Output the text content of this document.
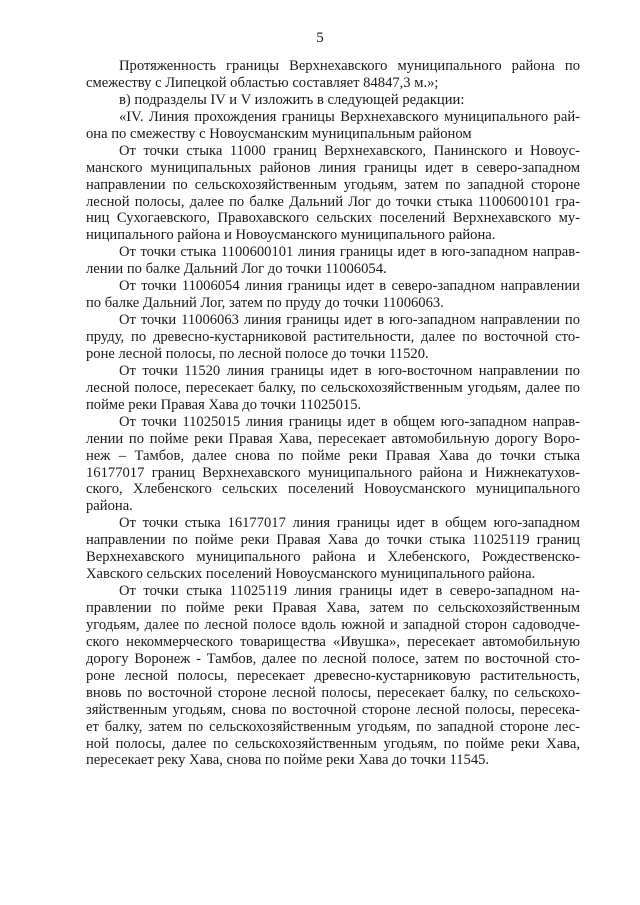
5
Протяженность границы Верхнехавского муниципального района по
смежеству с Липецкой областью составляет 84847,3 м.»;
в) подразделы IV и V изложить в следующей редакции:
«IV. Линия прохождения границы Верхнехавского муниципального рай-
она по смежеству с Новоусманским муниципальным районом
От точки стыка 11000 границ Верхнехавского, Панинского и Новоус-
манского муниципальных районов линия границы идет в северо-западном
направлении по сельскохозяйственным угодьям, затем по западной стороне
лесной полосы, далее по балке Дальний Лог до точки стыка 1100600101 гра-
ниц Сухогаевского, Правохавского сельских поселений Верхнехавского му-
ниципального района и Новоусманского муниципального района.
От точки стыка 1100600101 линия границы идет в юго-западном направ-
лении по балке Дальний Лог до точки 11006054.
От точки 11006054 линия границы идет в северо-западном направлении
по балке Дальний Лог, затем по пруду до точки 11006063.
От точки 11006063 линия границы идет в юго-западном направлении по
пруду, по древесно-кустарниковой растительности, далее по восточной сто-
роне лесной полосы, по лесной полосе до точки 11520.
От точки 11520 линия границы идет в юго-восточном направлении по
лесной полосе, пересекает балку, по сельскохозяйственным угодьям, далее по
пойме реки Правая Хава до точки 11025015.
От точки 11025015 линия границы идет в общем юго-западном направ-
лении по пойме реки Правая Хава, пересекает автомобильную дорогу Воро-
неж – Тамбов, далее снова по пойме реки Правая Хава до точки стыка
16177017 границ Верхнехавского муниципального района и Нижнекатухов-
ского, Хлебенского сельских поселений Новоусманского муниципального
района.
От точки стыка 16177017 линия границы идет в общем юго-западном
направлении по пойме реки Правая Хава до точки стыка 11025119 границ
Верхнехавского муниципального района и Хлебенского, Рождественско-
Хавского сельских поселений Новоусманского муниципального района.
От точки стыка 11025119 линия границы идет в северо-западном на-
правлении по пойме реки Правая Хава, затем по сельскохозяйственным
угодьям, далее по лесной полосе вдоль южной и западной сторон садоводче-
ского некоммерческого товарищества «Ивушка», пересекает автомобильную
дорогу Воронеж - Тамбов, далее по лесной полосе, затем по восточной сто-
роне лесной полосы, пересекает древесно-кустарниковую растительность,
вновь по восточной стороне лесной полосы, пересекает балку, по сельскохо-
зяйственным угодьям, снова по восточной стороне лесной полосы, пересека-
ет балку, затем по сельскохозяйственным угодьям, по западной стороне лес-
ной полосы, далее по сельскохозяйственным угодьям, по пойме реки Хава,
пересекает реку Хава, снова по пойме реки Хава до точки 11545.
